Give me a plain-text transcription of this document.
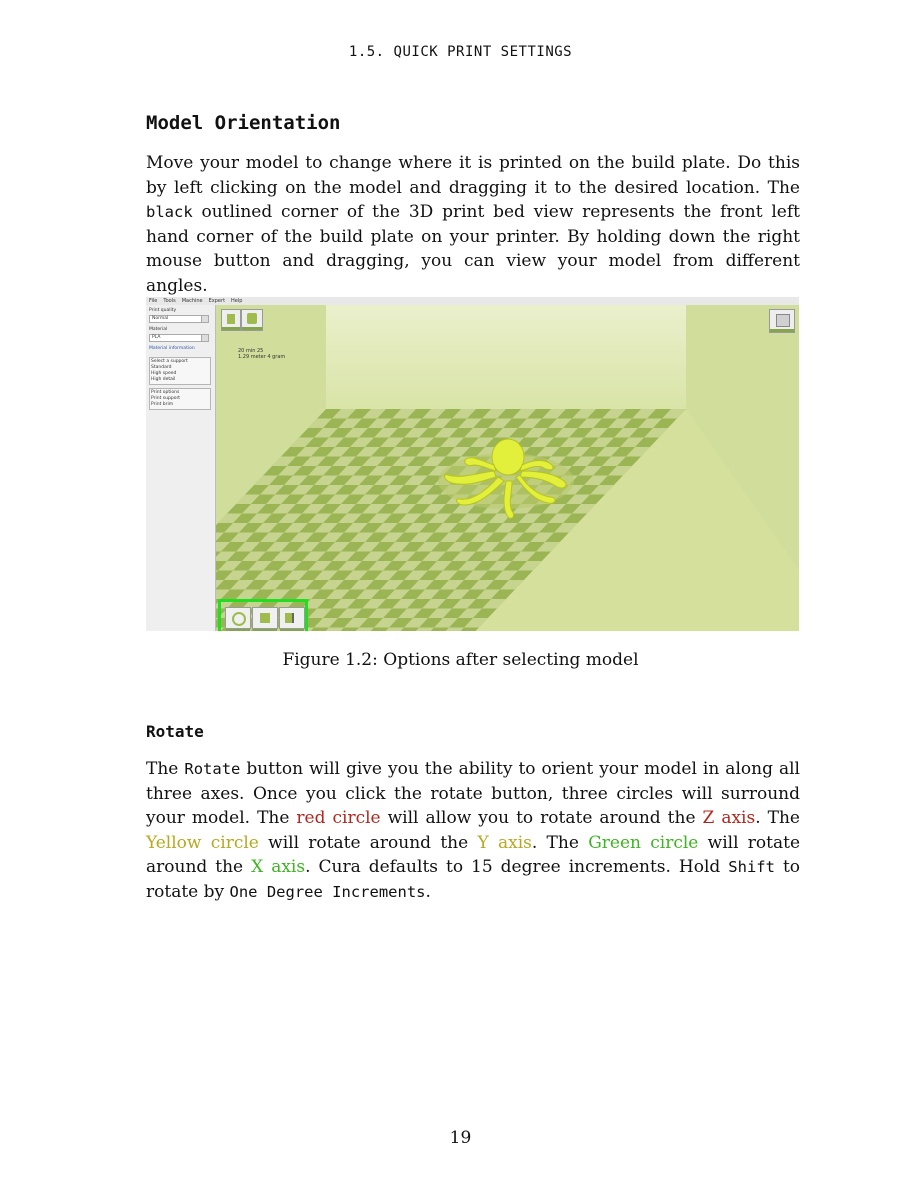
1.5. QUICK PRINT SETTINGS
Model Orientation
Move your model to change where it is printed on the build plate. Do this by left clicking on the model and dragging it to the desired location. The black outlined corner of the 3D print bed view represents the front left hand corner of the build plate on your printer. By holding down the right mouse button and dragging, you can view your model from different angles.
File Tools Machine Expert Help
Print quality
Normal
Material
PLA
Material information
Select a support
Standard
High speed
High detail
Print options
Print support
Print brim
20 min 25
1.29 meter 4 gram
Figure 1.2: Options after selecting model
Rotate
The Rotate button will give you the ability to orient your model in along all three axes. Once you click the rotate button, three circles will surround your model. The red circle will allow you to rotate around the Z axis. The Yellow circle will rotate around the Y axis. The Green circle will rotate around the X axis. Cura defaults to 15 degree increments. Hold Shift to rotate by One Degree Increments.
19
